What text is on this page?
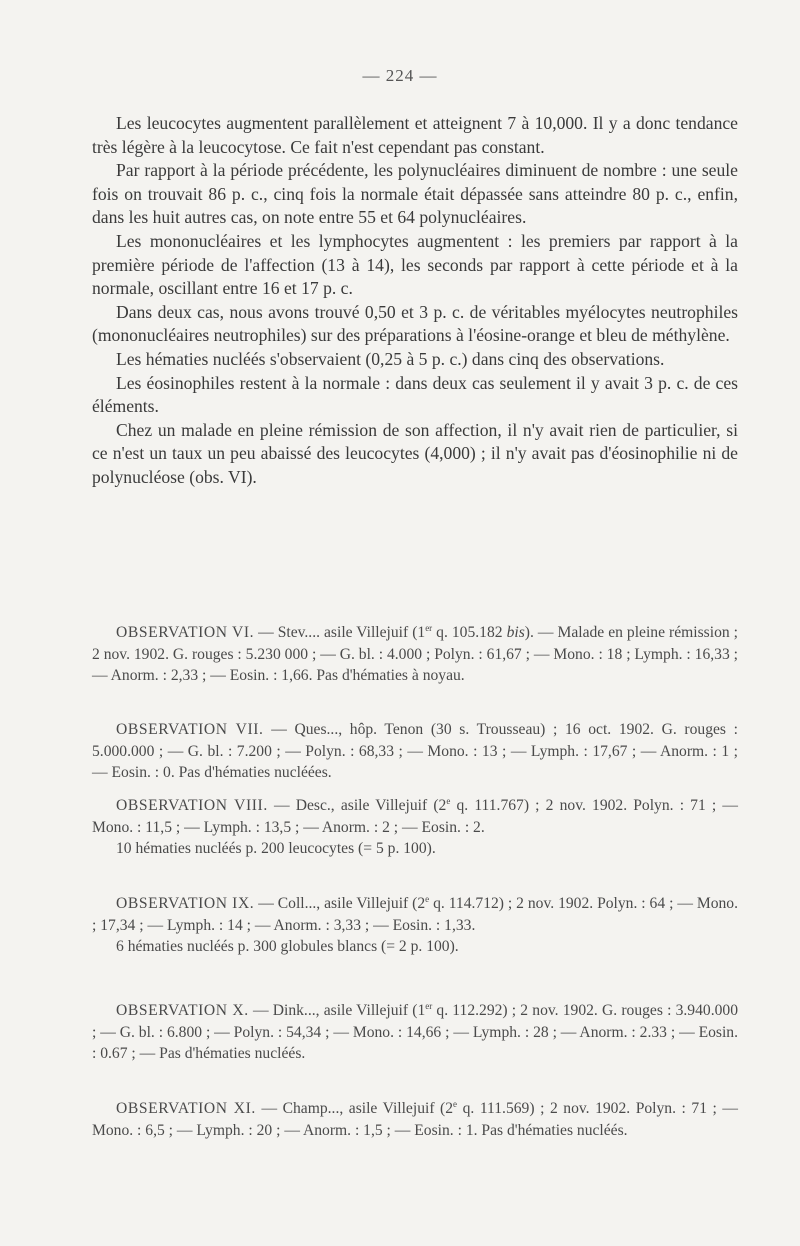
— 224 —

Les leucocytes augmentent parallèlement et atteignent 7 à 10,000. Il y a donc tendance très légère à la leucocytose. Ce fait n'est cependant pas constant.

Par rapport à la période précédente, les polynucléaires diminuent de nombre : une seule fois on trouvait 86 p. c., cinq fois la normale était dépassée sans atteindre 80 p. c., enfin, dans les huit autres cas, on note entre 55 et 64 polynucléaires.

Les mononucléaires et les lymphocytes augmentent : les premiers par rapport à la première période de l'affection (13 à 14), les seconds par rapport à cette période et à la normale, oscillant entre 16 et 17 p. c.

Dans deux cas, nous avons trouvé 0,50 et 3 p. c. de véritables myélocytes neutrophiles (mononucléaires neutrophiles) sur des préparations à l'éosine-orange et bleu de méthylène.

Les hématies nucléés s'observaient (0,25 à 5 p. c.) dans cinq des observations.

Les éosinophiles restent à la normale : dans deux cas seulement il y avait 3 p. c. de ces éléments.

Chez un malade en pleine rémission de son affection, il n'y avait rien de particulier, si ce n'est un taux un peu abaissé des leucocytes (4,000) ; il n'y avait pas d'éosinophilie ni de polynucléose (obs. VI).

OBSERVATION VI. — Stev.... asile Villejuif (1er q. 105.182 bis). — Malade en pleine rémission ; 2 nov. 1902. G. rouges : 5.230 000 ; — G. bl. : 4.000 ; Polyn. : 61,67 ; — Mono. : 18 ; Lymph. : 16,33 ; — Anorm. : 2,33 ; — Eosin. : 1,66. Pas d'hématies à noyau.

OBSERVATION VII. — Ques..., hôp. Tenon (30 s. Trousseau) ; 16 oct. 1902. G. rouges : 5.000.000 ; — G. bl. : 7.200 ; — Polyn. : 68,33 ; — Mono. : 13 ; — Lymph. : 17,67 ; — Anorm. : 1 ; — Eosin. : 0. Pas d'hématies nucléées.

OBSERVATION VIII. — Desc., asile Villejuif (2e q. 111.767) ; 2 nov. 1902. Polyn. : 71 ; — Mono. : 11,5 ; — Lymph. : 13,5 ; — Anorm. : 2 ; — Eosin. : 2.

10 hématies nucléés p. 200 leucocytes (= 5 p. 100).

OBSERVATION IX. — Coll..., asile Villejuif (2e q. 114.712) ; 2 nov. 1902. Polyn. : 64 ; — Mono. ; 17,34 ; — Lymph. : 14 ; — Anorm. : 3,33 ; — Eosin. : 1,33.

6 hématies nucléés p. 300 globules blancs (= 2 p. 100).

OBSERVATION X. — Dink..., asile Villejuif (1er q. 112.292) ; 2 nov. 1902. G. rouges : 3.940.000 ; — G. bl. : 6.800 ; — Polyn. : 54,34 ; — Mono. : 14,66 ; — Lymph. : 28 ; — Anorm. : 2.33 ; — Eosin. : 0.67 ; — Pas d'hématies nucléés.

OBSERVATION XI. — Champ..., asile Villejuif (2e q. 111.569) ; 2 nov. 1902. Polyn. : 71 ; — Mono. : 6,5 ; — Lymph. : 20 ; — Anorm. : 1,5 ; — Eosin. : 1. Pas d'hématies nucléés.
